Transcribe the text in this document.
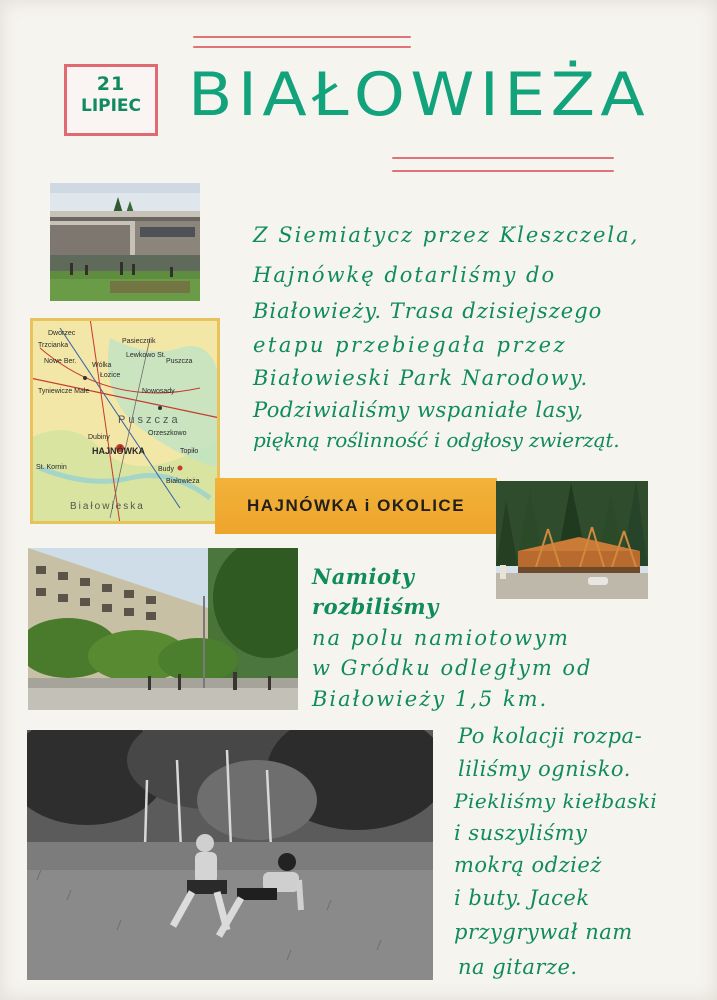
21
LIPIEC BIAŁOWIEŻA
Dworzec
Pasiecznik
Trzcianka
Lewkowo St.
Nowe Ber.
Wólka
Łozice
Puszcza
Tyniewicze Małe	Nowosady
Dubiny
HAJNÓWKA
Białowieska
Orzeszkowo
Topiło
Budy
Białowieża
St. Kornin
Puszcza
HAJNÓWKA i OKOLICE
Z Siemiatycz przez Kleszczela,
Hajnówkę dotarliśmy do
Białowieży. Trasa dzisiejszego
etapu przebiegała przez
Białowieski Park Narodowy.
Podziwialiśmy wspaniałe lasy,
piękną roślinność i odgłosy zwierząt.
Namioty
rozbiliśmy
na polu namiotowym
w Gródku odległym od
Białowieży 1,5 km.
Po kolacji rozpa-
liliśmy ognisko.
Piekliśmy kiełbaski
i suszyliśmy
mokrą odzież
i buty. Jacek
przygrywał nam
na gitarze.
